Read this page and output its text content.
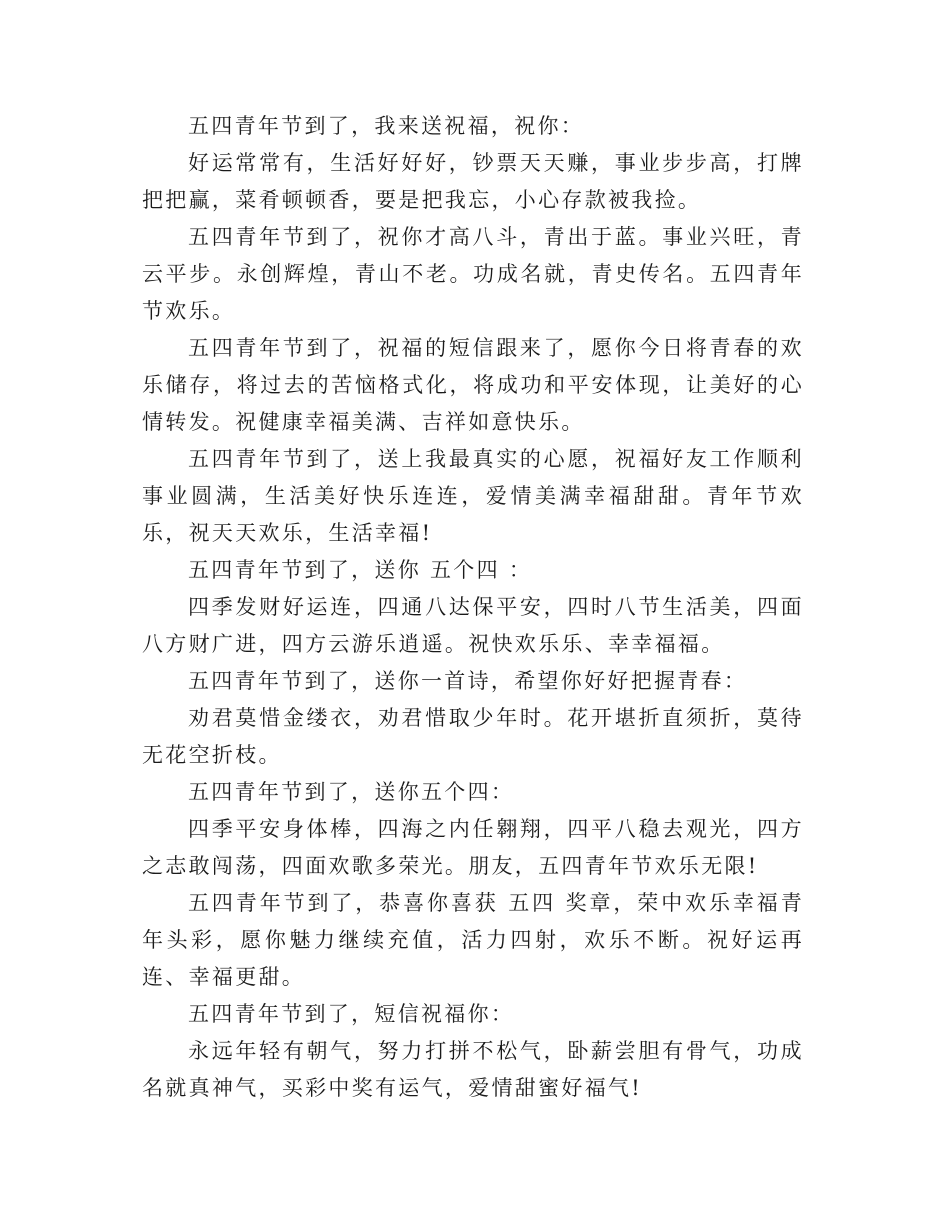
五四青年节到了，我来送祝福，祝你：

好运常常有，生活好好好，钞票天天赚，事业步步高，打牌把把赢，菜肴顿顿香，要是把我忘，小心存款被我捡。

五四青年节到了，祝你才高八斗，青出于蓝。事业兴旺，青云平步。永创辉煌，青山不老。功成名就，青史传名。五四青年节欢乐。

五四青年节到了，祝福的短信跟来了，愿你今日将青春的欢乐储存，将过去的苦恼格式化，将成功和平安体现，让美好的心情转发。祝健康幸福美满、吉祥如意快乐。

五四青年节到了，送上我最真实的心愿，祝福好友工作顺利事业圆满，生活美好快乐连连，爱情美满幸福甜甜。青年节欢乐，祝天天欢乐，生活幸福!

五四青年节到了，送你 五个四 ：

四季发财好运连，四通八达保平安，四时八节生活美，四面八方财广进，四方云游乐逍遥。祝快欢乐乐、幸幸福福。

五四青年节到了，送你一首诗，希望你好好把握青春：

劝君莫惜金缕衣，劝君惜取少年时。花开堪折直须折，莫待无花空折枝。

五四青年节到了，送你五个四：

四季平安身体棒，四海之内任翱翔，四平八稳去观光，四方之志敢闯荡，四面欢歌多荣光。朋友，五四青年节欢乐无限!

五四青年节到了，恭喜你喜获 五四 奖章，荣中欢乐幸福青年头彩，愿你魅力继续充值，活力四射，欢乐不断。祝好运再连、幸福更甜。

五四青年节到了，短信祝福你：

永远年轻有朝气，努力打拼不松气，卧薪尝胆有骨气，功成名就真神气，买彩中奖有运气，爱情甜蜜好福气!
